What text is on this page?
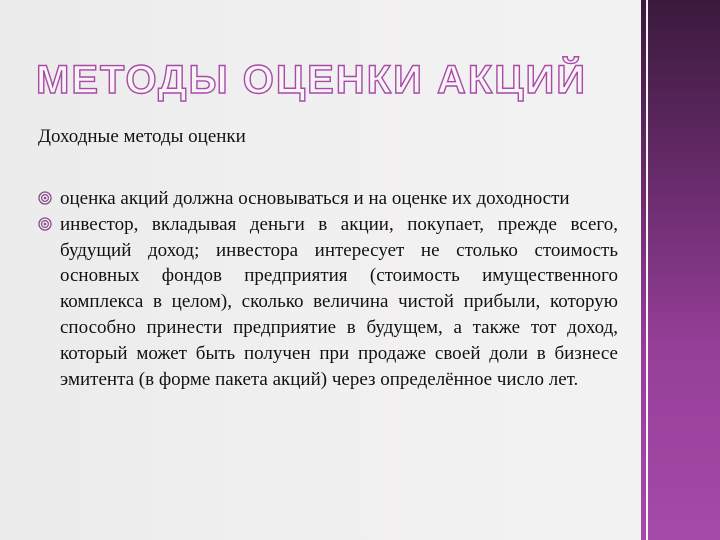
МЕТОДЫ ОЦЕНКИ АКЦИЙ
Доходные методы оценки
оценка акций должна основываться и на оценке их доходности
инвестор, вкладывая деньги в акции, покупает, прежде всего, будущий доход; инвестора интересует не столько стоимость основных фондов предприятия (стоимость имущественного комплекса в целом), сколько величина чистой прибыли, которую способно принести предприятие в будущем, а также тот доход, который может быть получен при продаже своей доли в бизнесе эмитента (в форме пакета акций) через определённое число лет.
